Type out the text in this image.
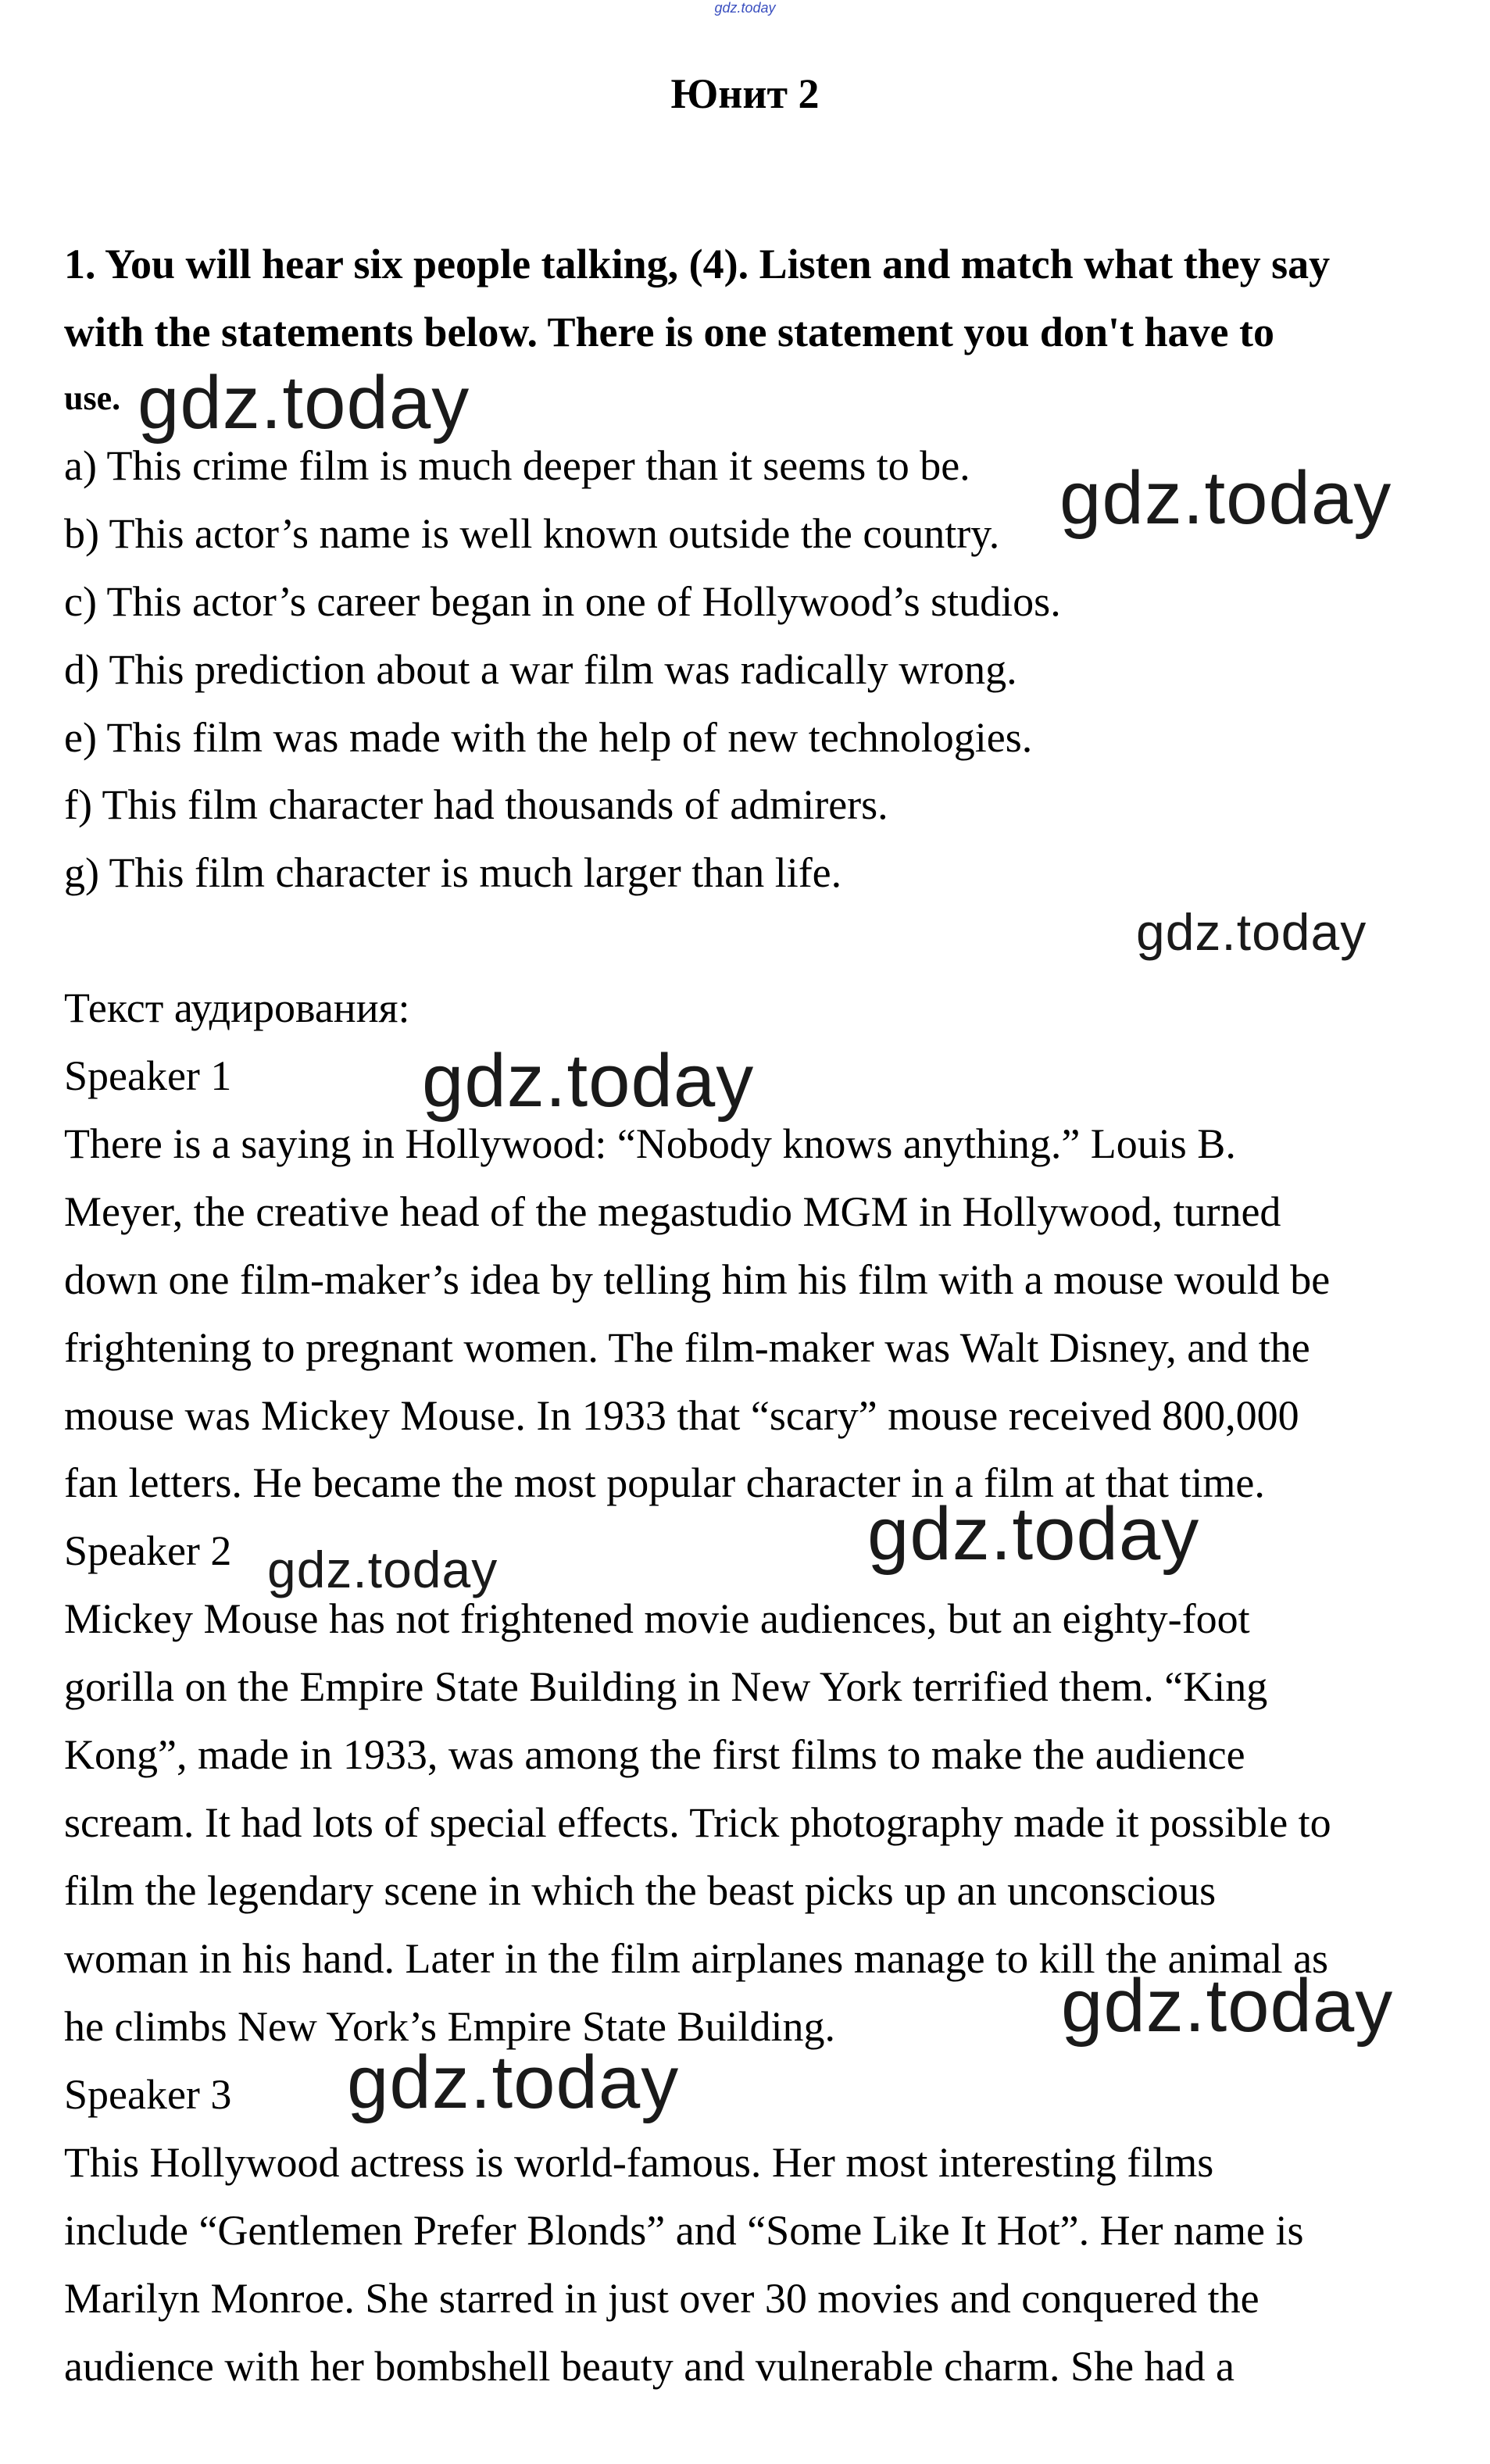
gdz.today
Юнит 2
1. You will hear six people talking, (4). Listen and match what they say
with the statements below. There is one statement you don't have to
use.
a) This crime film is much deeper than it seems to be.
b) This actor’s name is well known outside the country.
c) This actor’s career began in one of Hollywood’s studios.
d) This prediction about a war film was radically wrong.
e) This film was made with the help of new technologies.
f) This film character had thousands of admirers.
g) This film character is much larger than life.
Текст аудирования:
Speaker 1
There is a saying in Hollywood: “Nobody knows anything.” Louis B.
Meyer, the creative head of the megastudio MGM in Hollywood, turned
down one film-maker’s idea by telling him his film with a mouse would be
frightening to pregnant women. The film-maker was Walt Disney, and the
mouse was Mickey Mouse. In 1933 that “scary” mouse received 800,000
fan letters. He became the most popular character in a film at that time.
Speaker 2
Mickey Mouse has not frightened movie audiences, but an eighty-foot
gorilla on the Empire State Building in New York terrified them. “King
Kong”, made in 1933, was among the first films to make the audience
scream. It had lots of special effects. Trick photography made it possible to
film the legendary scene in which the beast picks up an unconscious
woman in his hand. Later in the film airplanes manage to kill the animal as
he climbs New York’s Empire State Building.
Speaker 3
This Hollywood actress is world-famous. Her most interesting films
include “Gentlemen Prefer Blonds” and “Some Like It Hot”. Her name is
Marilyn Monroe. She starred in just over 30 movies and conquered the
audience with her bombshell beauty and vulnerable charm. She had a
gdz.today
gdz.today
gdz.today
gdz.today
gdz.today
gdz.today
gdz.today
gdz.today
